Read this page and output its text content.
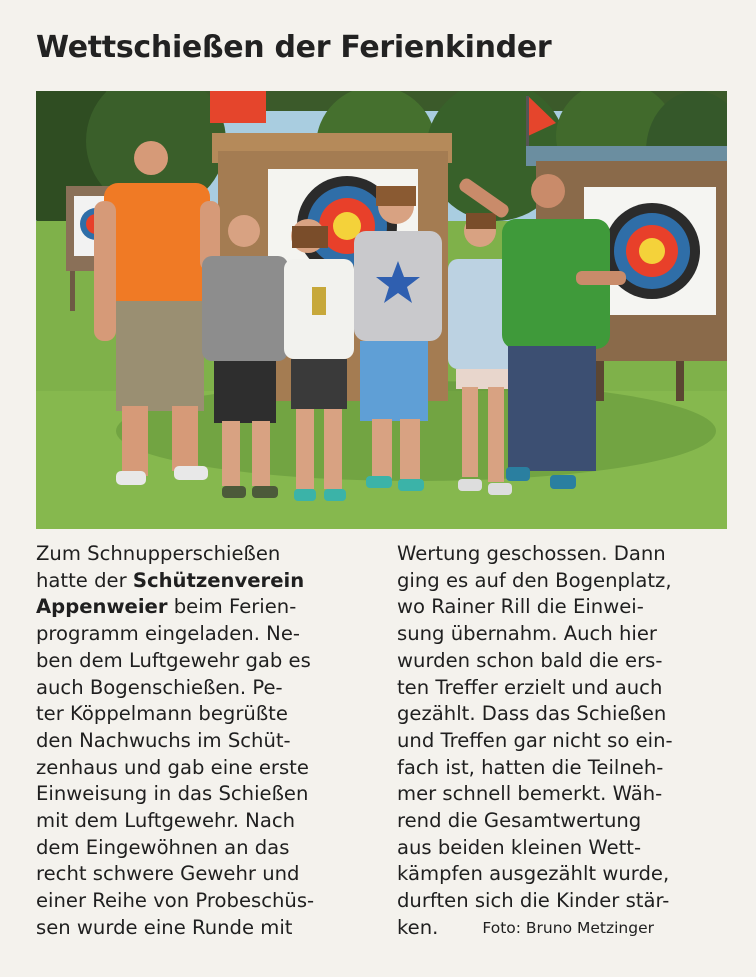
Wettschießen der Ferienkinder
Zum Schnupperschießen
hatte der Schützenverein
Appenweier beim Ferien-
programm eingeladen. Ne-
ben dem Luftgewehr gab es
auch Bogenschießen. Pe-
ter Köppelmann begrüßte
den Nachwuchs im Schüt-
zenhaus und gab eine erste
Einweisung in das Schießen
mit dem Luftgewehr. Nach
dem Eingewöhnen an das
recht schwere Gewehr und
einer Reihe von Probeschüs-
sen wurde eine Runde mit
Wertung geschossen. Dann
ging es auf den Bogenplatz,
wo Rainer Rill die Einwei-
sung übernahm. Auch hier
wurden schon bald die ers-
ten Treffer erzielt und auch
gezählt. Dass das Schießen
und Treffen gar nicht so ein-
fach ist, hatten die Teilneh-
mer schnell bemerkt. Wäh-
rend die Gesamtwertung
aus beiden kleinen Wett-
kämpfen ausgezählt wurde,
durften sich die Kinder stär-
ken.	Foto: Bruno Metzinger
